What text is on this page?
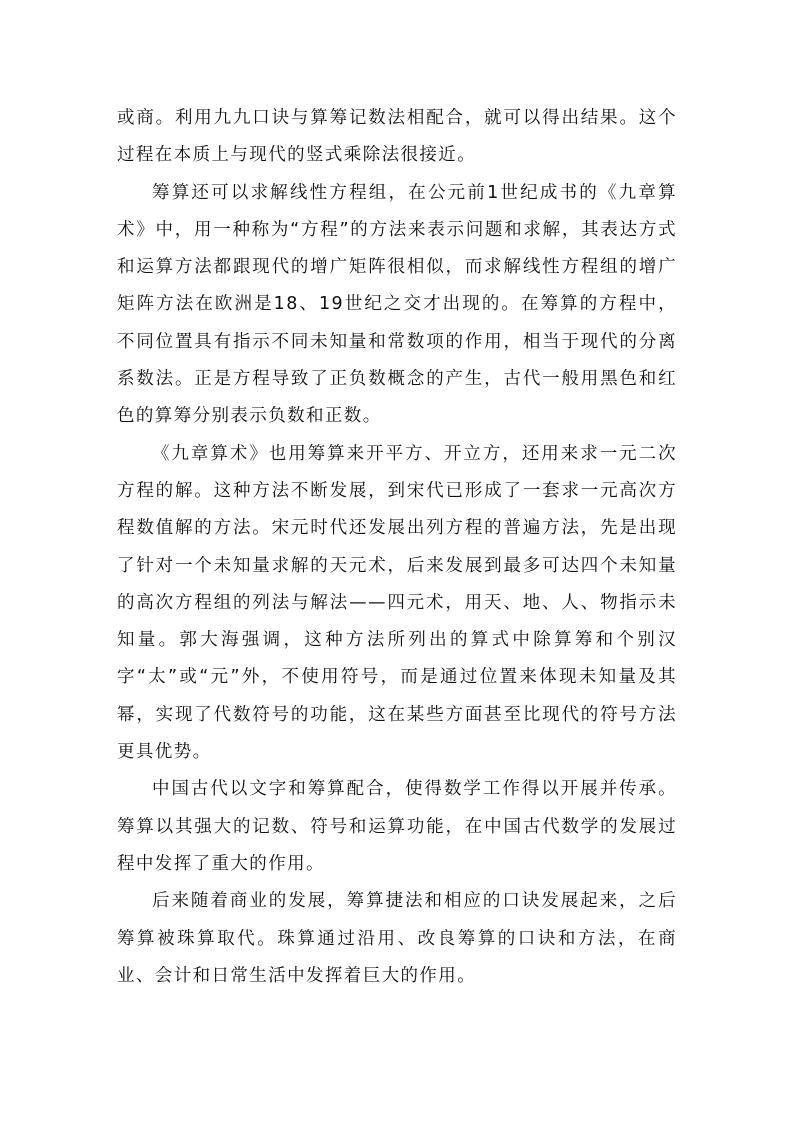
或商。利用九九口诀与算筹记数法相配合，就可以得出结果。这个过程在本质上与现代的竖式乘除法很接近。

筹算还可以求解线性方程组，在公元前1世纪成书的《九章算术》中，用一种称为“方程”的方法来表示问题和求解，其表达方式和运算方法都跟现代的增广矩阵很相似，而求解线性方程组的增广矩阵方法在欧洲是18、19世纪之交才出现的。在筹算的方程中，不同位置具有指示不同未知量和常数项的作用，相当于现代的分离系数法。正是方程导致了正负数概念的产生，古代一般用黑色和红色的算筹分别表示负数和正数。

《九章算术》也用筹算来开平方、开立方，还用来求一元二次方程的解。这种方法不断发展，到宋代已形成了一套求一元高次方程数值解的方法。宋元时代还发展出列方程的普遍方法，先是出现了针对一个未知量求解的天元术，后来发展到最多可达四个未知量的高次方程组的列法与解法——四元术，用天、地、人、物指示未知量。郭大海强调，这种方法所列出的算式中除算筹和个别汉字“太”或“元”外，不使用符号，而是通过位置来体现未知量及其幂，实现了代数符号的功能，这在某些方面甚至比现代的符号方法更具优势。

中国古代以文字和筹算配合，使得数学工作得以开展并传承。筹算以其强大的记数、符号和运算功能，在中国古代数学的发展过程中发挥了重大的作用。

后来随着商业的发展，筹算捷法和相应的口诀发展起来，之后筹算被珠算取代。珠算通过沿用、改良筹算的口诀和方法，在商业、会计和日常生活中发挥着巨大的作用。
